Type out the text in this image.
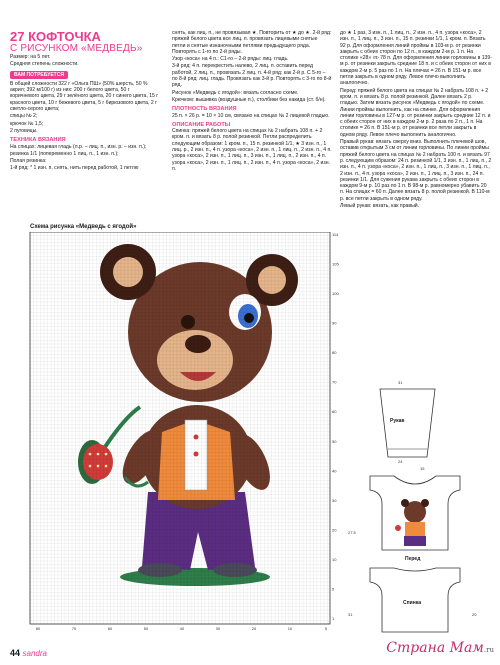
27 КОФТОЧКА
С РИСУНКОМ «МЕДВЕДЬ»
Размер: на 5 лет.
Средняя степень сложности.
ВАМ ПОТРЕБУЕТСЯ
В общей сложности 322 г «Ольга ПШ» (50% шерсть, 50 % акрил; 392 м/100 г) из них: 200 г белого цвета, 50 г коричневого цвета, 29 г зелёного цвета, 20 г синего цвета, 15 г красного цвета, 10 г бежевого цвета, 5 г бирюзового цвета, 2 г светло-серого цвета;
спицы № 2;
крючок № 1,5;
2 пуговицы.
ТЕХНИКА ВЯЗАНИЯ
На спицах: лицевая гладь (л.р. – лиц. п., изн. р. – изн. п.);
резинка 1/1 (попеременно 1 лиц. п., 1 изн. п.);
Полая резинка:
1-й ряд: * 1 изн. п. снять, нить перед работой, 1 петлю
снять, как лиц. п., не провязывая ★. Повторить от ★ до ★. 2-й ряд: пряжей белого цвета все лиц. п. провязать лицевыми снятые петли и снятые изнаночными петлями предыдущего ряда. Повторять с 1-го по 2-й ряды.
Узор «коса» на 4 п.: С1-го – 2-й ряды: лиц. гладь.
3-й ряд: 4 п. перекрестить налево, 2 лиц. п. оставить перед работой, 2 лиц. п., провязать 2 лиц. п. 4-й ряд: как 2-й р. С 5-го – по 8-й ряд: лиц. гладь. Провязать как 3-й р. Повторять с 3-го по 8-й ряд.
Рисунок «Медведь с ягодой»: вязать согласно схеме.
Крючком: вышивка (воздушные п.), столбики без накида (ст. б/н).
ПЛОТНОСТЬ ВЯЗАНИЯ
25 п. × 26 р. = 10 × 10 см, связано на спицах № 2 лицевой гладью.
ОПИСАНИЕ РАБОТЫ
Спинка: пряжей белого цвета на спицах № 2 набрать 108 п. + 2 кром. п. и вязать 8 р. полой резинкой. Петли распределить следующим образом: 1 кром. п., 15 п. резинкой 1/1, ★ 3 изн. п., 1 лиц. р., 2 изн. п., 4 п. узора «коса», 2 изн. п., 1 лиц. п., 2 изн. п., 4 п. узора «коса», 2 изн. п., 1 лиц. п., 3 изн. п., 1 лиц. п., 2 изн. п., 4 п. узора «коса», 2 изн. п., 1 лиц. п., 2 изн. п., 4 п. узора «коса», 2 изн. п.
до ★ 1 раз, 3 изн. п., 1 лиц. п., 2 изн. п., 4 п. узора «коса», 2 изн. п., 1 лиц. п., 3 изн. п., 15 п. резинки 1/1, 1 кром. п. Вязать 92 р. Для оформления линий проймы в 103-м р. от резинки закрыть с обеих сторон по 12 п., в каждом 2-м р. 1 п. На столике «28» ‹п› 78 п. Для оформления линии горловины в 139-м р. от резинки закрыть средние 18 п. и с обеих сторон от них в каждом 2-м р. 5 раз по 1 п. На плечах = 26 п. В 151-м р. все петли закрыть в одном ряду. Левое плечо выполнить аналогично.
Перед: пряжей белого цвета на спицах № 2 набрать 108 п. + 2 кром. п. и вязать 8 р. полой резинкой. Далее вязать 2 р. гладью. Затем вязать рисунок «Медведь с ягодой» по схеме. Линии проймы выполнить, как на спинке. Для оформления линии горловины в 127-м р. от резинки закрыть средние 12 п. и с обеих сторон от них в каждом 2-м р. 2 раза по 2 п., 1 п. На столике = 26 п. В 151-м р. от резинки все петли закрыть в одном ряду. Левое плечо выполнить аналогично.
Правый рукав: вязать сверху вниз. Выполнить плечевой шов, оставив открытым 3 см от линии горловины. По линии проймы пряжей белого цвета на спицах № 2 набрать 100 п. и вязать 97 р. следующим образом: 24 п. резинкой 1/1, 3 изн. п., 1 лиц. п., 2 изн. п., 4 п. узора «коса», 2 изн. п., 1 лиц. п., 3 изн. п., 1 лиц. п., 2 изн. п., 4 п. узора «коса», 2 изн. п., 1 лиц. п., 3 изн. п., 24 п. резинки 1/1. Для сужения рукава закрыть с обеих сторон в каждом 9-м р. 10 раз по 1 п. В 98-м р. равномерно убавить 20 п. На спицах = 60 п. Далее вязать 8 р. полой резинкой. В 110-м р. все петли закрыть в одном ряду.
Левый рукав: вязать, как правый.
Схема рисунка «Медведь с ягодой»
114
105
100
90
80
70
60
50
40
30
20
10
5
1
5
10
20
30
40
50
60
70
80
Рукав
31
24
Перед
27.5
15
Спинка
31	20
44 sandra	Страна Мам.ru
